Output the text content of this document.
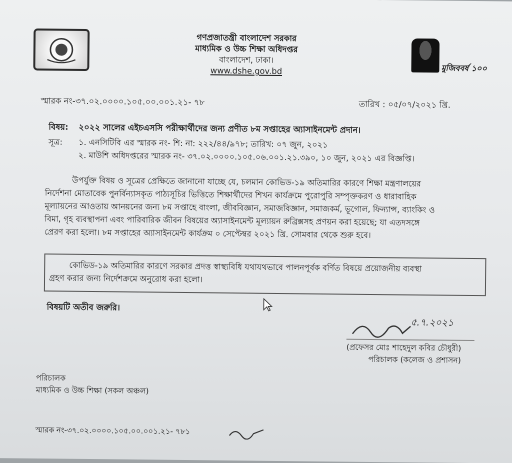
গণপ্রজাতন্ত্রী বাংলাদেশ সরকার
মাধ্যমিক ও উচ্চ শিক্ষা অধিদপ্তর
বাংলাদেশ, ঢাকা।
www.dshe.gov.bd	মুজিববর্ষ ১০০
স্মারক নং-৩৭.০২.০০০০.১০৫.০০.০০১.২১- ৭৮	তারিখ : ০৫/০৭/২০২১ খ্রি.
বিষয়: ২০২২ সালের এইচএসসি পরীক্ষার্থীদের জন্য প্রণীত ৮ম সপ্তাহের অ্যাসাইনমেন্ট প্রদান।
সূত্র: ১. এনসিটিবি এর স্মারক নং- শি: না: ২২২/৪৪/৯৭৮; তারিখ: ০৭ জুন, ২০২১
২. মাউশি অধিদপ্তরের স্মারক নং- ৩৭.০২.০০০০.১০৫.০৬.০০১.২১.৩৯০, ১০ জুন, ২০২১ এর বিজ্ঞপ্তি।
উপর্যুক্ত বিষয় ও সূত্রের প্রেক্ষিতে জানানো যাচ্ছে যে, চলমান কোভিড-১৯ অতিমারির কারণে শিক্ষা মন্ত্রণালয়ের
নির্দেশনা মোতাবেক পুনর্বিন্যাসকৃত পাঠ্যসূচির ভিত্তিতে শিক্ষার্থীদের শিখন কার্যক্রমে পুরোপুরি সম্পৃক্তকরণ ও ধারাবাহিক
মূল্যায়নের আওতায় আনয়নের জন্য ৮ম সপ্তাহে বাংলা, জীববিজ্ঞান, সমাজবিজ্ঞান, সমাজকর্ম, ভূগোল, ফিন্যান্স, ব্যাংকিং ও
বিমা, গৃহ ব্যবস্থাপনা এবং পারিবারিক জীবন বিষয়ের অ্যাসাইনমেন্ট মূল্যায়ন রুব্রিক্সসহ প্রণয়ন করা হয়েছে; যা এতদসঙ্গে
প্রেরণ করা হলো। ৮ম সপ্তাহের অ্যাসাইনমেন্ট কার্যক্রম ০ সেপ্টেম্বর ২০২১ খ্রি. সোমবার থেকে শুরু হবে।
কোভিড-১৯ অতিমারির কারণে সরকার প্রদত্ত স্বাস্থ্যবিধি যথাযথভাবে পালনপূর্বক বর্ণিত বিষয়ে প্রয়োজনীয় ব্যবস্থা
গ্রহণ করার জন্য নির্দেশক্রমে অনুরোধ করা হলো।
বিষয়টি অতীব জরুরি।
৫.৭.২০২১
(প্রফেসর মোঃ শাহেদুল কবির চৌধুরী)
পরিচালক (কলেজ ও প্রশাসন)
পরিচালক
মাধ্যমিক ও উচ্চ শিক্ষা (সকল অঞ্চল)
স্মারক নং-৩৭.০২.০০০০.১০৫.০০.০০১.২১- ৭৮১
